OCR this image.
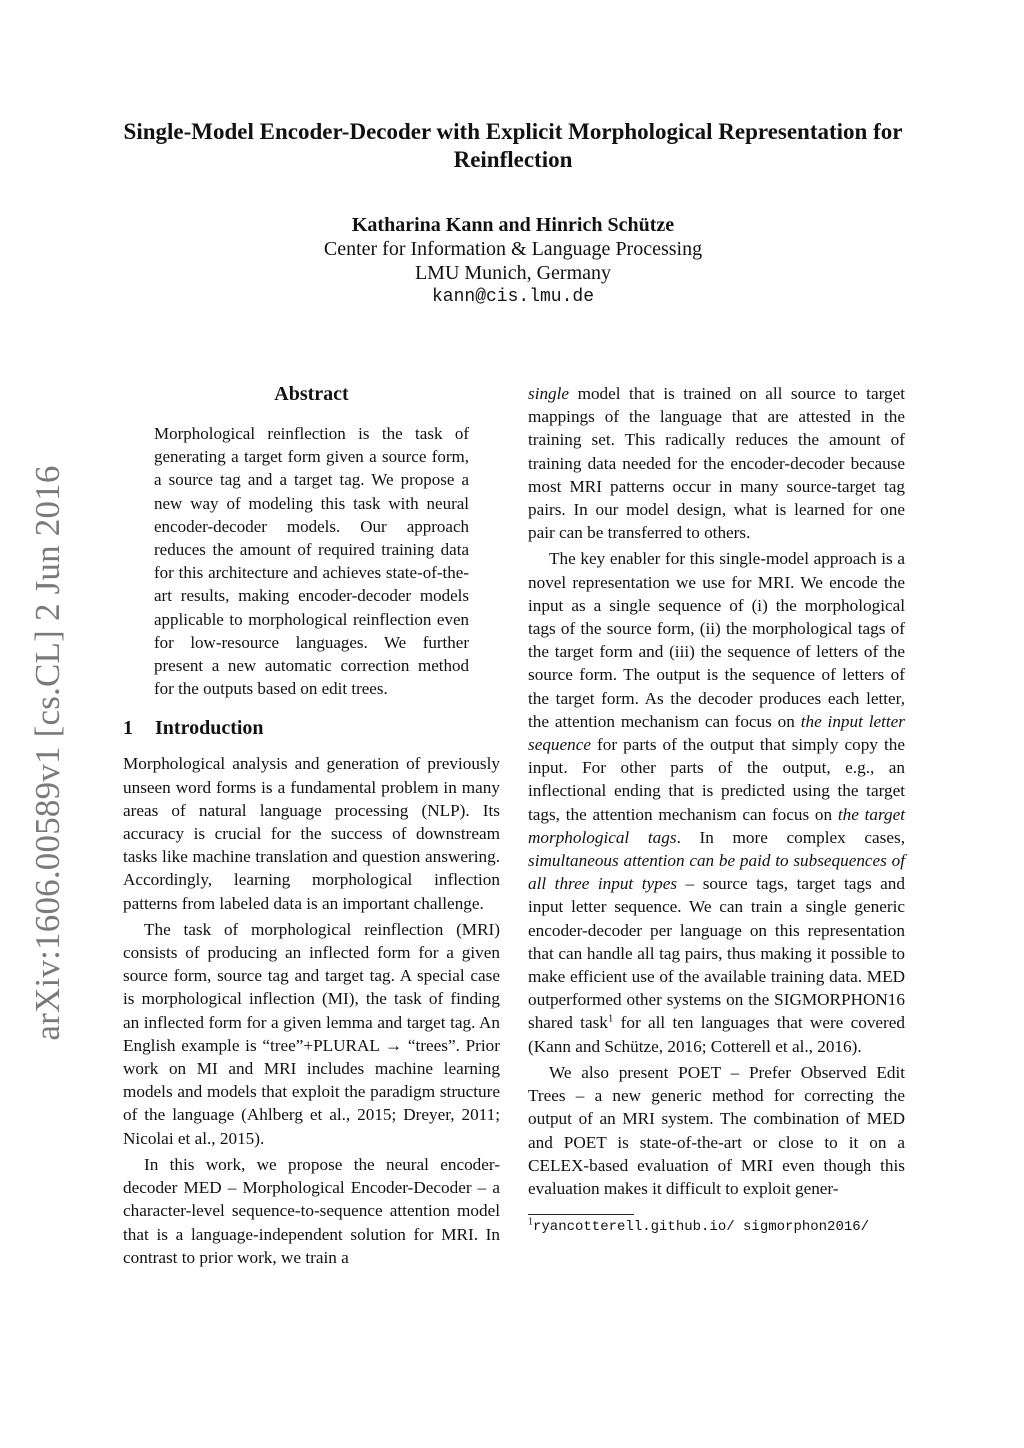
arXiv:1606.00589v1 [cs.CL] 2 Jun 2016
Single-Model Encoder-Decoder with Explicit Morphological Representation for Reinflection
Katharina Kann and Hinrich Schütze
Center for Information & Language Processing
LMU Munich, Germany
kann@cis.lmu.de
Abstract

Morphological reinflection is the task of generating a target form given a source form, a source tag and a target tag. We propose a new way of modeling this task with neural encoder-decoder models. Our approach reduces the amount of required training data for this architecture and achieves state-of-the-art results, making encoder-decoder models applicable to morphological reinflection even for low-resource languages. We further present a new automatic correction method for the outputs based on edit trees.

1 Introduction

Morphological analysis and generation of previously unseen word forms is a fundamental problem in many areas of natural language processing (NLP). Its accuracy is crucial for the success of downstream tasks like machine translation and question answering. Accordingly, learning morphological inflection patterns from labeled data is an important challenge.

The task of morphological reinflection (MRI) consists of producing an inflected form for a given source form, source tag and target tag. A special case is morphological inflection (MI), the task of finding an inflected form for a given lemma and target tag. An English example is “tree”+PLURAL → “trees”. Prior work on MI and MRI includes machine learning models and models that exploit the paradigm structure of the language (Ahlberg et al., 2015; Dreyer, 2011; Nicolai et al., 2015).

In this work, we propose the neural encoder-decoder MED – Morphological Encoder-Decoder – a character-level sequence-to-sequence attention model that is a language-independent solution for MRI. In contrast to prior work, we train a

single model that is trained on all source to target mappings of the language that are attested in the training set. This radically reduces the amount of training data needed for the encoder-decoder because most MRI patterns occur in many source-target tag pairs. In our model design, what is learned for one pair can be transferred to others.

The key enabler for this single-model approach is a novel representation we use for MRI. We encode the input as a single sequence of (i) the morphological tags of the source form, (ii) the morphological tags of the target form and (iii) the sequence of letters of the source form. The output is the sequence of letters of the target form. As the decoder produces each letter, the attention mechanism can focus on the input letter sequence for parts of the output that simply copy the input. For other parts of the output, e.g., an inflectional ending that is predicted using the target tags, the attention mechanism can focus on the target morphological tags. In more complex cases, simultaneous attention can be paid to subsequences of all three input types – source tags, target tags and input letter sequence. We can train a single generic encoder-decoder per language on this representation that can handle all tag pairs, thus making it possible to make efficient use of the available training data. MED outperformed other systems on the SIGMORPHON16 shared task$^1$ for all ten languages that were covered (Kann and Schütze, 2016; Cotterell et al., 2016).

We also present POET – Prefer Observed Edit Trees – a new generic method for correcting the output of an MRI system. The combination of MED and POET is state-of-the-art or close to it on a CELEX-based evaluation of MRI even though this evaluation makes it difficult to exploit gener-

$^1$ryancotterell.github.io/ sigmorphon2016/
